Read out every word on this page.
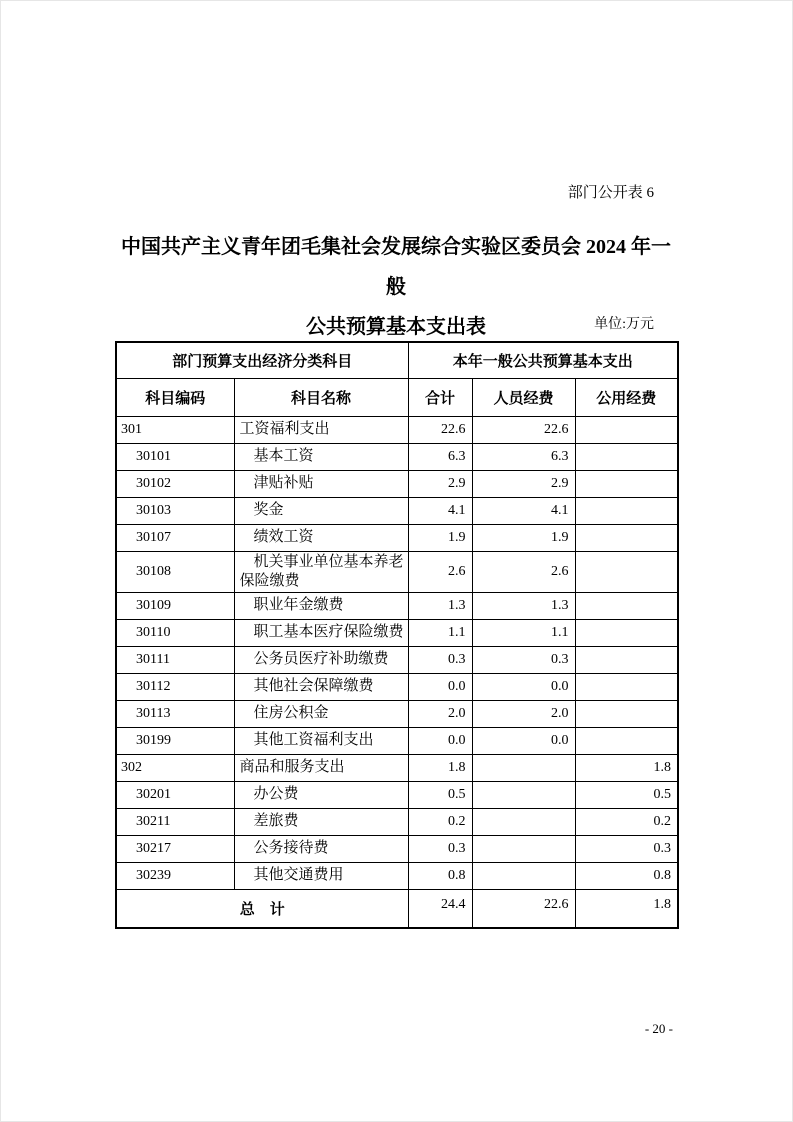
部门公开表 6
中国共产主义青年团毛集社会发展综合实验区委员会 2024 年一般
公共预算基本支出表	单位:万元
部门预算支出经济分类科目		本年一般公共预算基本支出		
科目编码	科目名称	合计	人员经费	公用经费
301	工资福利支出	22.6	22.6	
30101	基本工资	6.3	6.3	
30102	津贴补贴	2.9	2.9	
30103	奖金	4.1	4.1	
30107	绩效工资	1.9	1.9	
30108	机关事业单位基本养老保险缴费	2.6	2.6	
30109	职业年金缴费	1.3	1.3	
30110	职工基本医疗保险缴费	1.1	1.1	
30111	公务员医疗补助缴费	0.3	0.3	
30112	其他社会保障缴费	0.0	0.0	
30113	住房公积金	2.0	2.0	
30199	其他工资福利支出	0.0	0.0	
302	商品和服务支出	1.8		1.8
30201	办公费	0.5		0.5
30211	差旅费	0.2		0.2
30217	公务接待费	0.3		0.3
30239	其他交通费用	0.8		0.8
总　计		24.4	22.6	1.8
- 20 -
